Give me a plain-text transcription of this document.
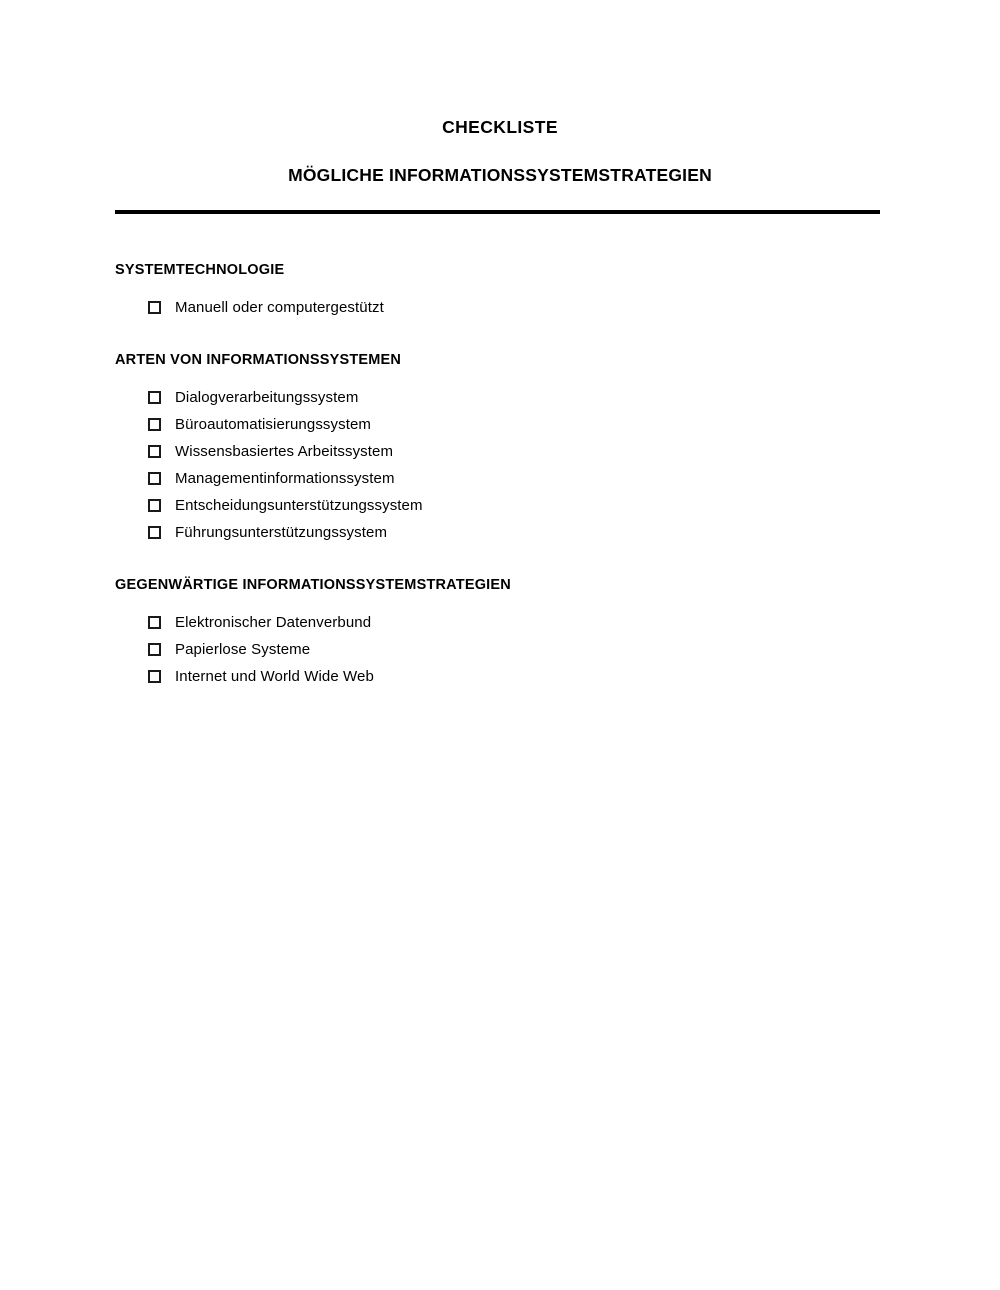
CHECKLISTE
MÖGLICHE INFORMATIONSSYSTEMSTRATEGIEN
SYSTEMTECHNOLOGIE
Manuell oder computergestützt
ARTEN VON INFORMATIONSSYSTEMEN
Dialogverarbeitungssystem
Büroautomatisierungssystem
Wissensbasiertes Arbeitssystem
Managementinformationssystem
Entscheidungsunterstützungssystem
Führungsunterstützungssystem
GEGENWÄRTIGE INFORMATIONSSYSTEMSTRATEGIEN
Elektronischer Datenverbund
Papierlose Systeme
Internet und World Wide Web
